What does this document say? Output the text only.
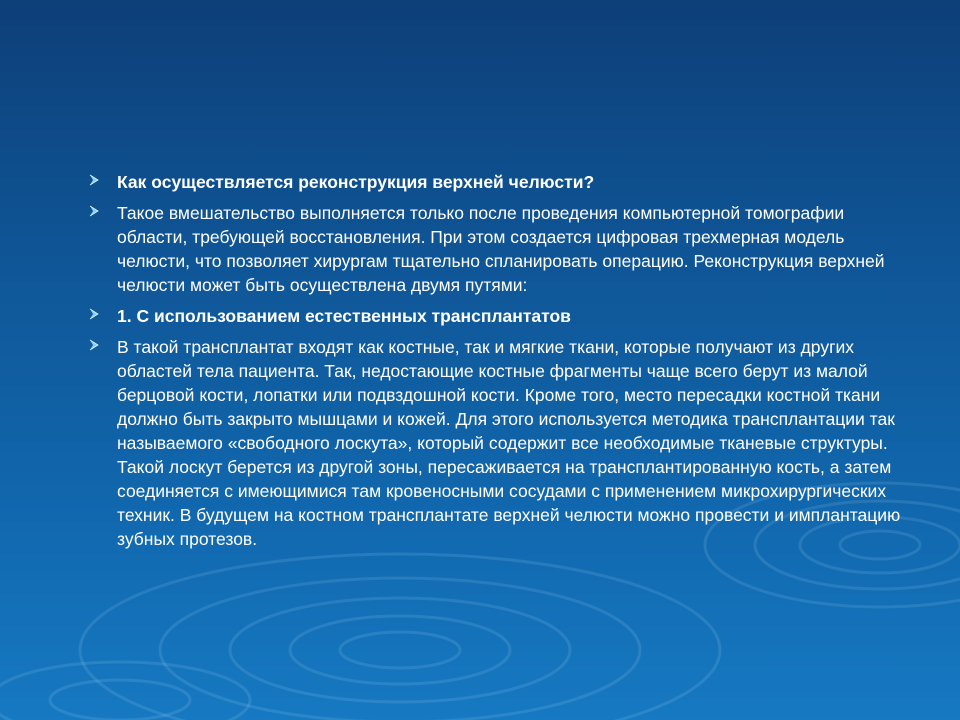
Как осуществляется реконструкция верхней челюсти?
Такое вмешательство выполняется только после проведения компьютерной томографии области, требующей восстановления. При этом создается цифровая трехмерная модель челюсти, что позволяет хирургам тщательно спланировать операцию. Реконструкция верхней челюсти может быть осуществлена двумя путями:
1. С использованием естественных трансплантатов
В такой трансплантат входят как костные, так и мягкие ткани, которые получают из других областей тела пациента. Так, недостающие костные фрагменты чаще всего берут из малой берцовой кости, лопатки или подвздошной кости. Кроме того, место пересадки костной ткани должно быть закрыто мышцами и кожей. Для этого используется методика трансплантации так называемого «свободного лоскута», который содержит все необходимые тканевые структуры. Такой лоскут берется из другой зоны, пересаживается на трансплантированную кость, а затем соединяется с имеющимися там кровеносными сосудами с применением микрохирургических техник. В будущем на костном трансплантате верхней челюсти можно провести и имплантацию зубных протезов.
